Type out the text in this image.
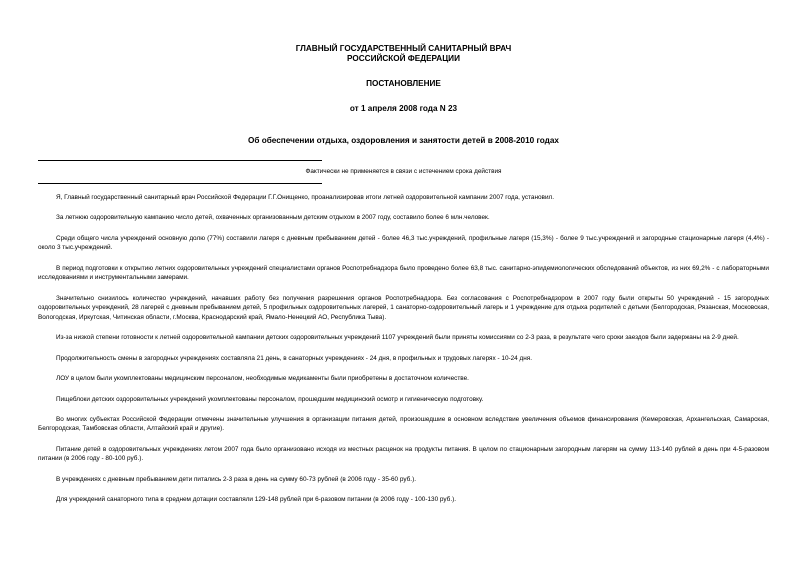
ГЛАВНЫЙ ГОСУДАРСТВЕННЫЙ САНИТАРНЫЙ ВРАЧ
РОССИЙСКОЙ ФЕДЕРАЦИИ
ПОСТАНОВЛЕНИЕ
от 1 апреля 2008 года N 23
Об обеспечении отдыха, оздоровления и занятости детей в 2008-2010 годах
Фактически не применяется в связи с истечением срока действия

Я, Главный государственный санитарный врач Российской Федерации Г.Г.Онищенко, проанализировав итоги летней оздоровительной кампании 2007 года, установил.

За летнюю оздоровительную кампанию число детей, охваченных организованным детским отдыхом в 2007 году, составило более 6 млн.человек.

Среди общего числа учреждений основную долю (77%) составили лагеря с дневным пребыванием детей - более 46,3 тыс.учреждений, профильные лагеря (15,3%) - более 9 тыс.учреждений и загородные стационарные лагеря (4,4%) - около 3 тыс.учреждений.

В период подготовки к открытию летних оздоровительных учреждений специалистами органов Роспотребнадзора было проведено более 63,8 тыс. санитарно-эпидемиологических обследований объектов, из них 69,2% - с лабораторными исследованиями и инструментальными замерами.

Значительно снизилось количество учреждений, начавших работу без получения разрешения органов Роспотребнадзора. Без согласования с Роспотребнадзором в 2007 году были открыты 50 учреждений - 15 загородных оздоровительных учреждений, 28 лагерей с дневным пребыванием детей, 5 профильных оздоровительных лагерей, 1 санаторно-оздоровительный лагерь и 1 учреждение для отдыха родителей с детьми (Белгородская, Рязанская, Московская, Вологодская, Иркутская, Читинская области, г.Москва, Краснодарский край, Ямало-Ненецкий АО, Республика Тыва).

Из-за низкой степени готовности к летней оздоровительной кампании детских оздоровительных учреждений 1107 учреждений были приняты комиссиями со 2-3 раза, в результате чего сроки заездов были задержаны на 2-9 дней.

Продолжительность смены в загородных учреждениях составляла 21 день, в санаторных учреждениях - 24 дня, в профильных и трудовых лагерях - 10-24 дня.

ЛОУ в целом были укомплектованы медицинским персоналом, необходимые медикаменты были приобретены в достаточном количестве.

Пищеблоки детских оздоровительных учреждений укомплектованы персоналом, прошедшим медицинский осмотр и гигиеническую подготовку.

Во многих субъектах Российской Федерации отмечены значительные улучшения в организации питания детей, произошедшие в основном вследствие увеличения объемов финансирования (Кемеровская, Архангельская, Самарская, Белгородская, Тамбовская области, Алтайский край и другие).

Питание детей в оздоровительных учреждениях летом 2007 года было организовано исходя из местных расценок на продукты питания. В целом по стационарным загородным лагерям на сумму 113-140 рублей в день при 4-5-разовом питании (в 2006 году - 80-100 руб.).

В учреждениях с дневным пребыванием дети питались 2-3 раза в день на сумму 60-73 рублей (в 2006 году - 35-60 руб.).

Для учреждений санаторного типа в среднем дотации составляли 129-148 рублей при 6-разовом питании (в 2006 году - 100-130 руб.).
